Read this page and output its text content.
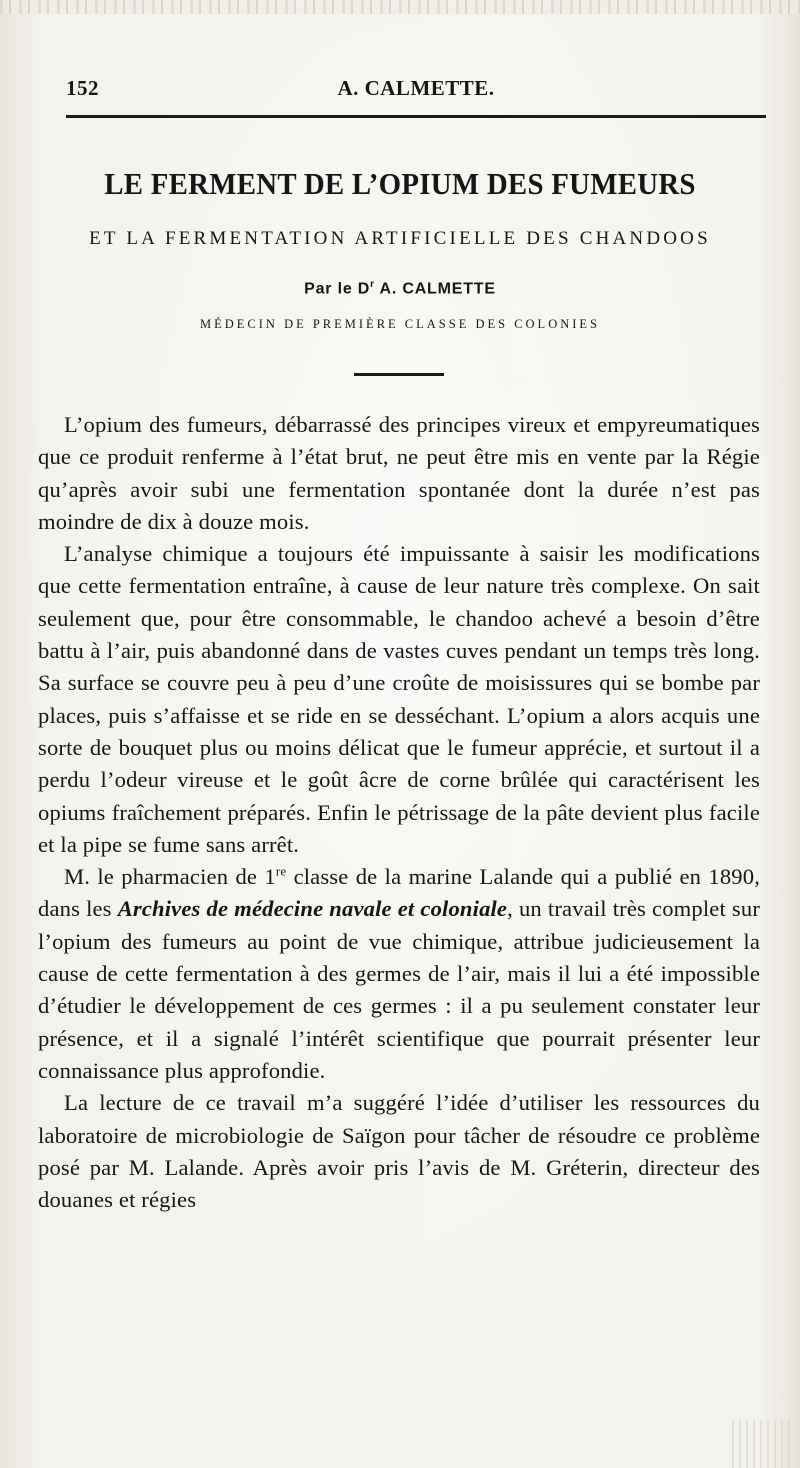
152	A. CALMETTE.
LE FERMENT DE L’OPIUM DES FUMEURS
ET LA FERMENTATION ARTIFICIELLE DES CHANDOOS
Par le $D^r$ A. CALMETTE
MÉDECIN DE PREMIÈRE CLASSE DES COLONIES

L’opium des fumeurs, débarrassé des principes vireux et empyreumatiques que ce produit renferme à l’état brut, ne peut être mis en vente par la Régie qu’après avoir subi une fermentation spontanée dont la durée n’est pas moindre de dix à douze mois.

L’analyse chimique a toujours été impuissante à saisir les modifications que cette fermentation entraîne, à cause de leur nature très complexe. On sait seulement que, pour être consommable, le chandoo achevé a besoin d’être battu à l’air, puis abandonné dans de vastes cuves pendant un temps très long. Sa surface se couvre peu à peu d’une croûte de moisissures qui se bombe par places, puis s’affaisse et se ride en se desséchant. L’opium a alors acquis une sorte de bouquet plus ou moins délicat que le fumeur apprécie, et surtout il a perdu l’odeur vireuse et le goût âcre de corne brûlée qui caractérisent les opiums fraîchement préparés. Enfin le pétrissage de la pâte devient plus facile et la pipe se fume sans arrêt.

M. le pharmacien de 1re classe de la marine Lalande qui a publié en 1890, dans les Archives de médecine navale et coloniale, un travail très complet sur l’opium des fumeurs au point de vue chimique, attribue judicieusement la cause de cette fermentation à des germes de l’air, mais il lui a été impossible d’étudier le développement de ces germes : il a pu seulement constater leur présence, et il a signalé l’intérêt scientifique que pourrait présenter leur connaissance plus approfondie.

La lecture de ce travail m’a suggéré l’idée d’utiliser les ressources du laboratoire de microbiologie de Saïgon pour tâcher de résoudre ce problème posé par M. Lalande. Après avoir pris l’avis de M. Gréterin, directeur des douanes et régies
